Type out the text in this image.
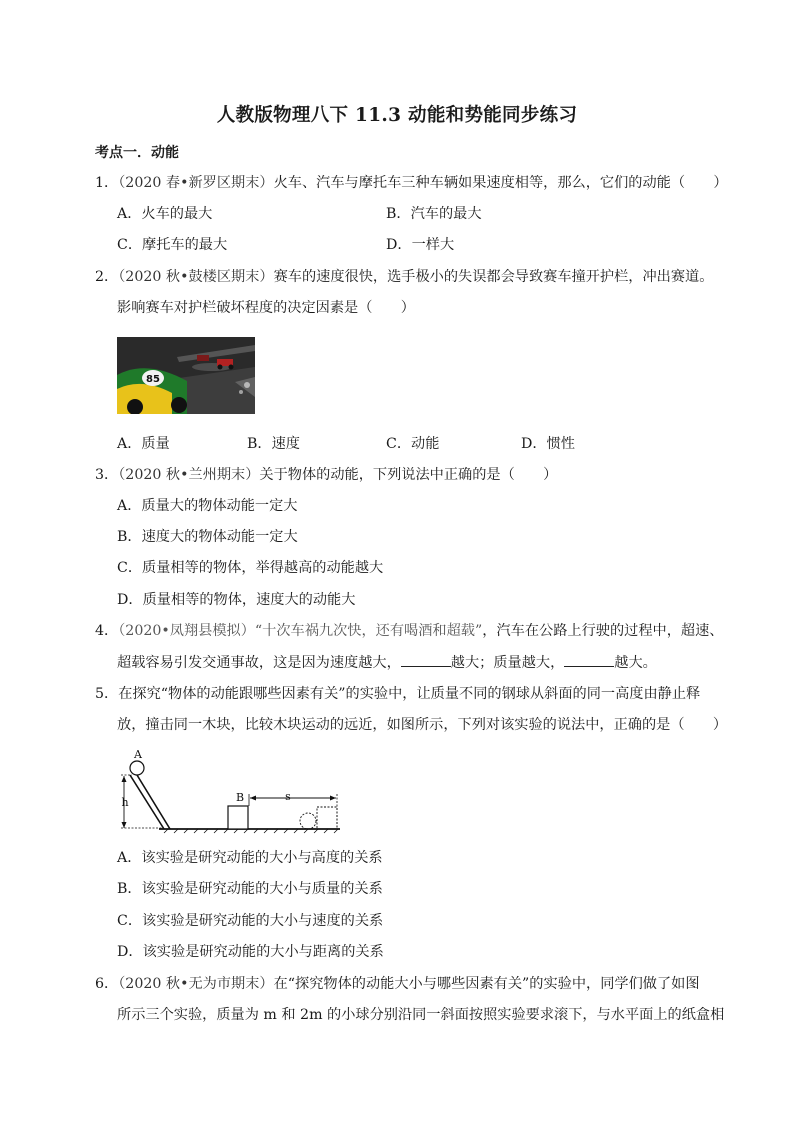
人教版物理八下 11.3 动能和势能同步练习
考点一．动能
1．（2020 春•新罗区期末）火车、汽车与摩托车三种车辆如果速度相等，那么，它们的动能（　　）
A．火车的最大	B．汽车的最大
C．摩托车的最大	D．一样大
2．（2020 秋•鼓楼区期末）赛车的速度很快，选手极小的失误都会导致赛车撞开护栏，冲出赛道。
影响赛车对护栏破坏程度的决定因素是（　　）
85
A．质量	B．速度	C．动能	D．惯性
3．（2020 秋•兰州期末）关于物体的动能，下列说法中正确的是（　　）
A．质量大的物体动能一定大
B．速度大的物体动能一定大
C．质量相等的物体，举得越高的动能越大
D．质量相等的物体，速度大的动能大
4．（2020•凤翔县模拟）“十次车祸九次快，还有喝酒和超载”，汽车在公路上行驶的过程中，超速、
超载容易引发交通事故，这是因为速度越大，	越大；质量越大，	越大。
5．在探究“物体的动能跟哪些因素有关”的实验中，让质量不同的钢球从斜面的同一高度由静止释
放，撞击同一木块，比较木块运动的远近，如图所示，下列对该实验的说法中，正确的是（　　）
A
h	B	s
A．该实验是研究动能的大小与高度的关系
B．该实验是研究动能的大小与质量的关系
C．该实验是研究动能的大小与速度的关系
D．该实验是研究动能的大小与距离的关系
6．（2020 秋•无为市期末）在“探究物体的动能大小与哪些因素有关”的实验中，同学们做了如图
所示三个实验，质量为 m 和 2m 的小球分别沿同一斜面按照实验要求滚下，与水平面上的纸盒相
